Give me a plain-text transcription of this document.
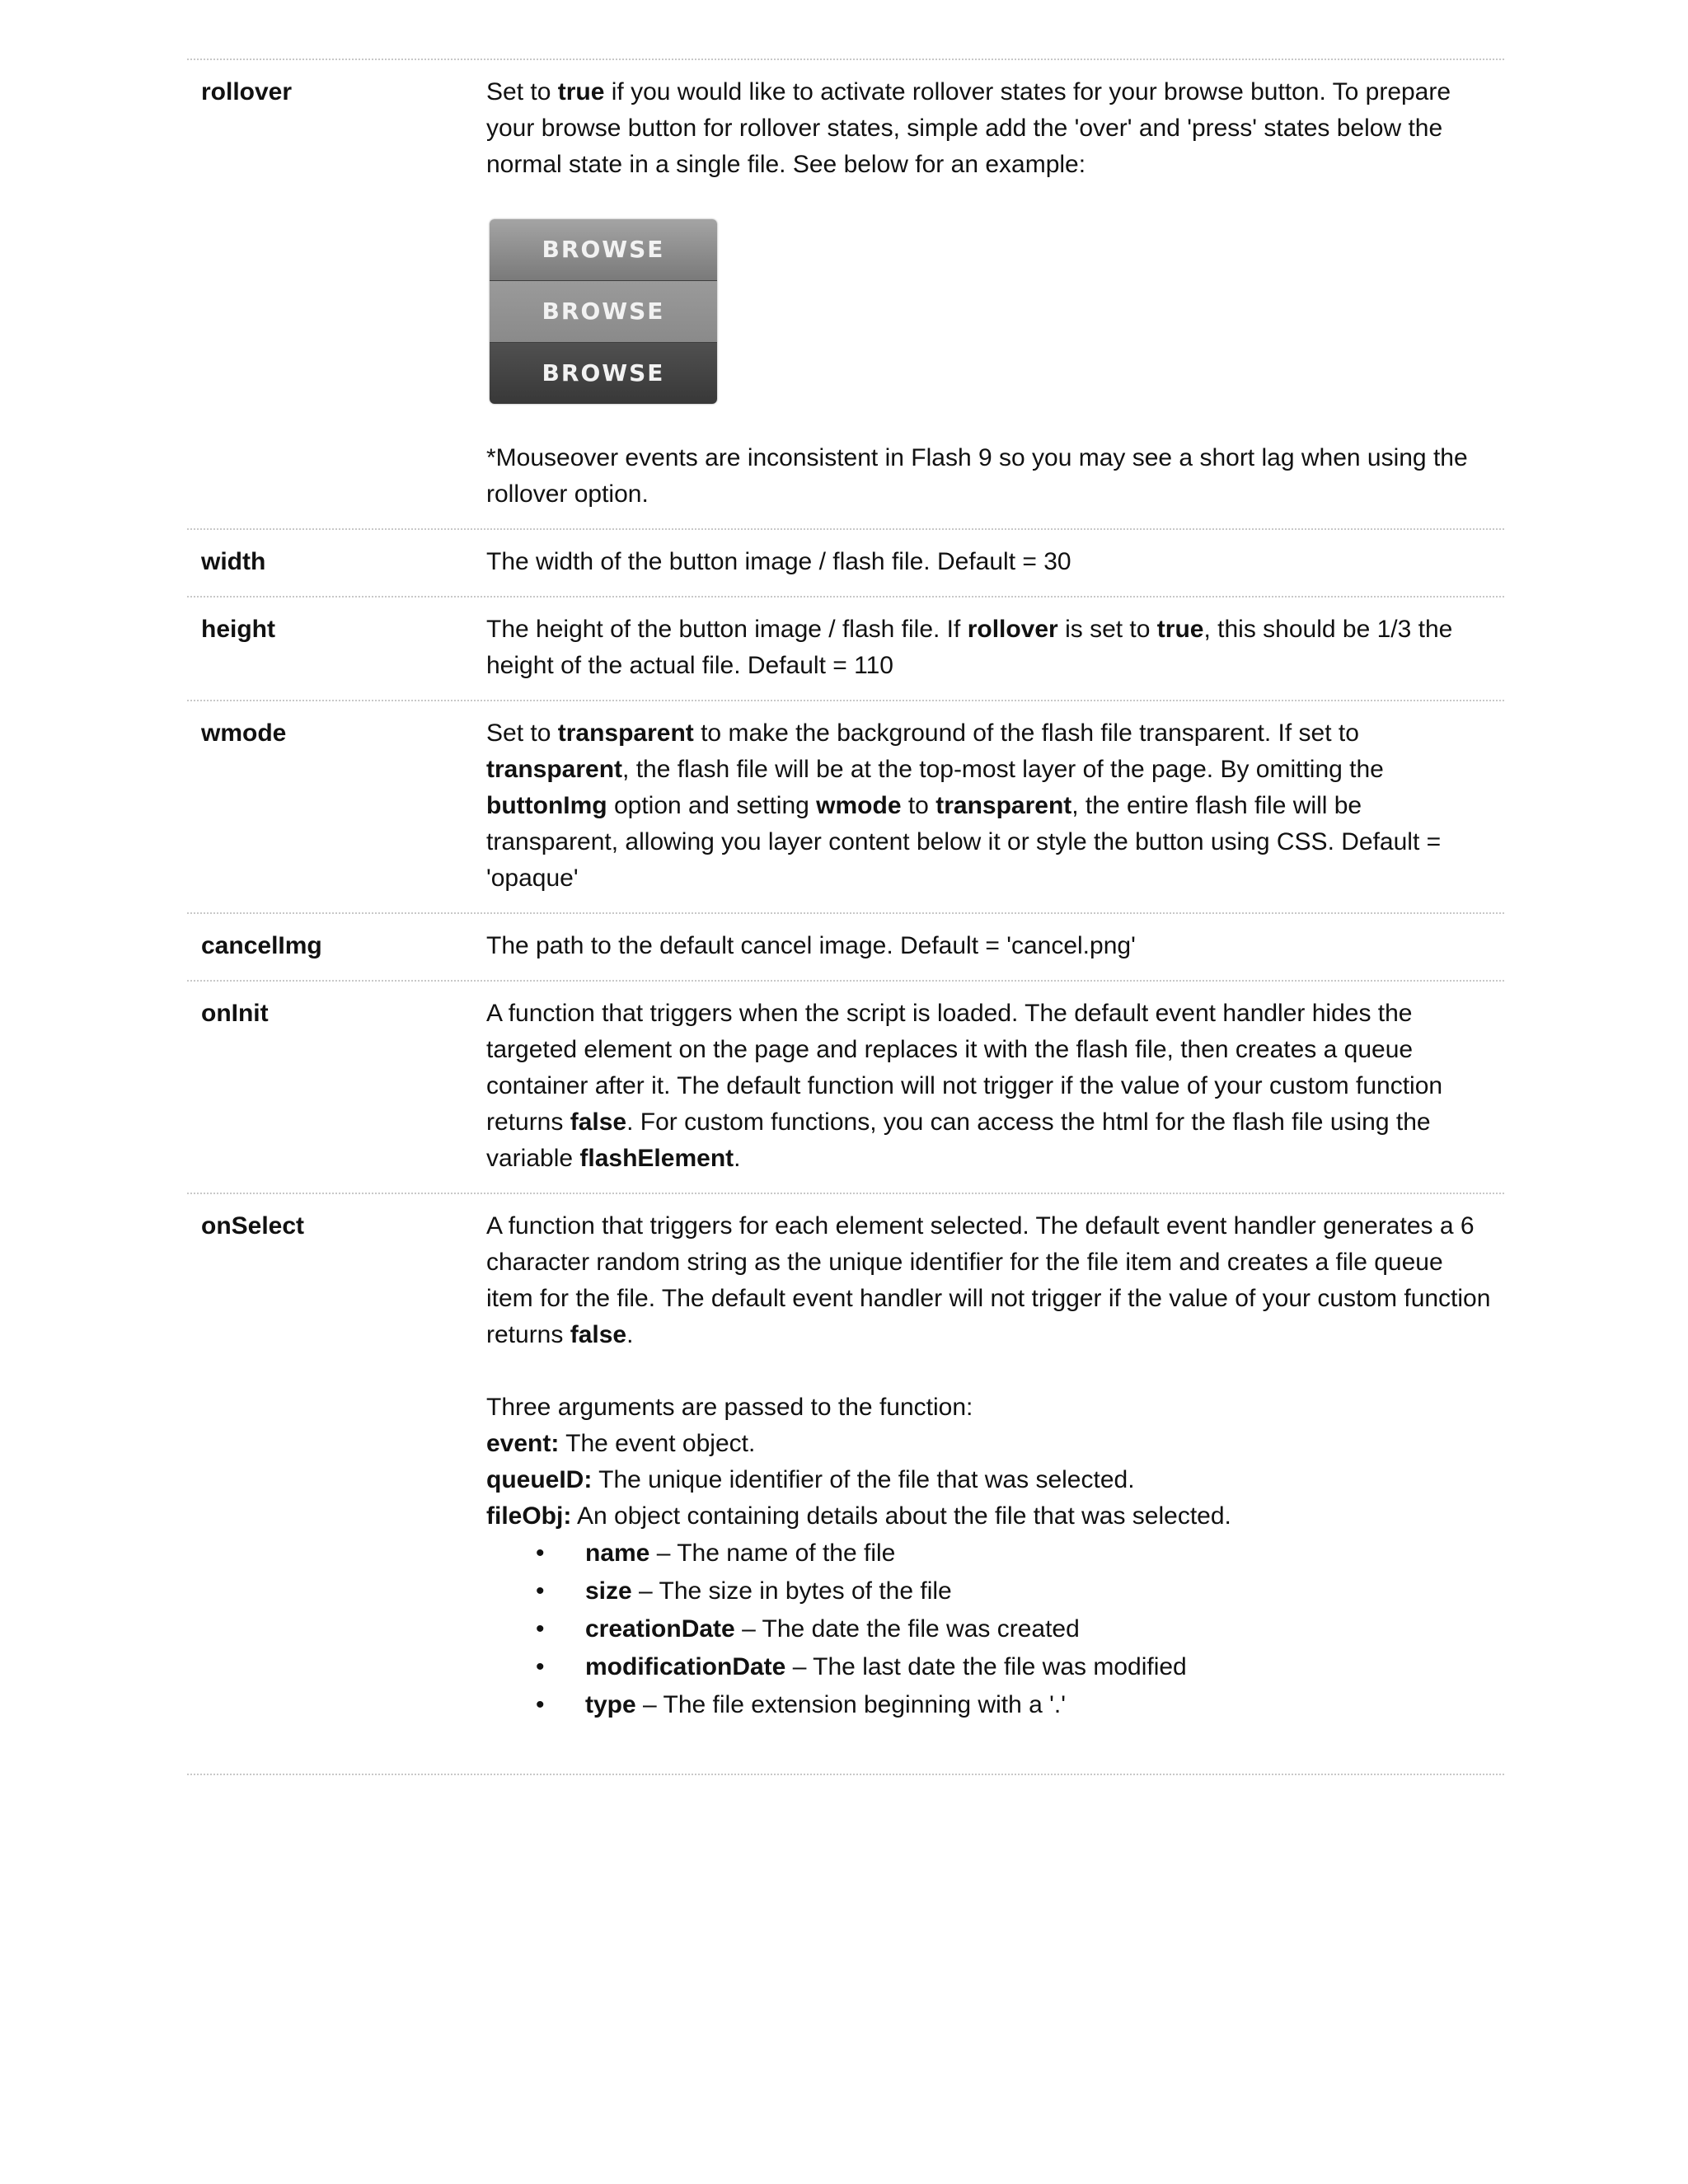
rollover	Set to true if you would like to activate rollover states for your browse button. To prepare your browse button for rollover states, simple add the 'over' and 'press' states below the normal state in a single file. See below for an example:

BROWSE
BROWSE
BROWSE

*Mouseover events are inconsistent in Flash 9 so you may see a short lag when using the rollover option.

width	The width of the button image / flash file. Default = 30

height	The height of the button image / flash file. If rollover is set to true, this should be 1/3 the height of the actual file. Default = 110

wmode	Set to transparent to make the background of the flash file transparent. If set to transparent, the flash file will be at the top-most layer of the page. By omitting the buttonImg option and setting wmode to transparent, the entire flash file will be transparent, allowing you layer content below it or style the button using CSS. Default = 'opaque'

cancelImg	The path to the default cancel image. Default = 'cancel.png'

onInit	A function that triggers when the script is loaded. The default event handler hides the targeted element on the page and replaces it with the flash file, then creates a queue container after it. The default function will not trigger if the value of your custom function returns false. For custom functions, you can access the html for the flash file using the variable flashElement.

onSelect	A function that triggers for each element selected. The default event handler generates a 6 character random string as the unique identifier for the file item and creates a file queue item for the file. The default event handler will not trigger if the value of your custom function returns false.

Three arguments are passed to the function:

event: The event object.

queueID: The unique identifier of the file that was selected.

fileObj: An object containing details about the file that was selected.

• name – The name of the file
• size – The size in bytes of the file
• creationDate – The date the file was created
• modificationDate – The last date the file was modified
• type – The file extension beginning with a '.'
